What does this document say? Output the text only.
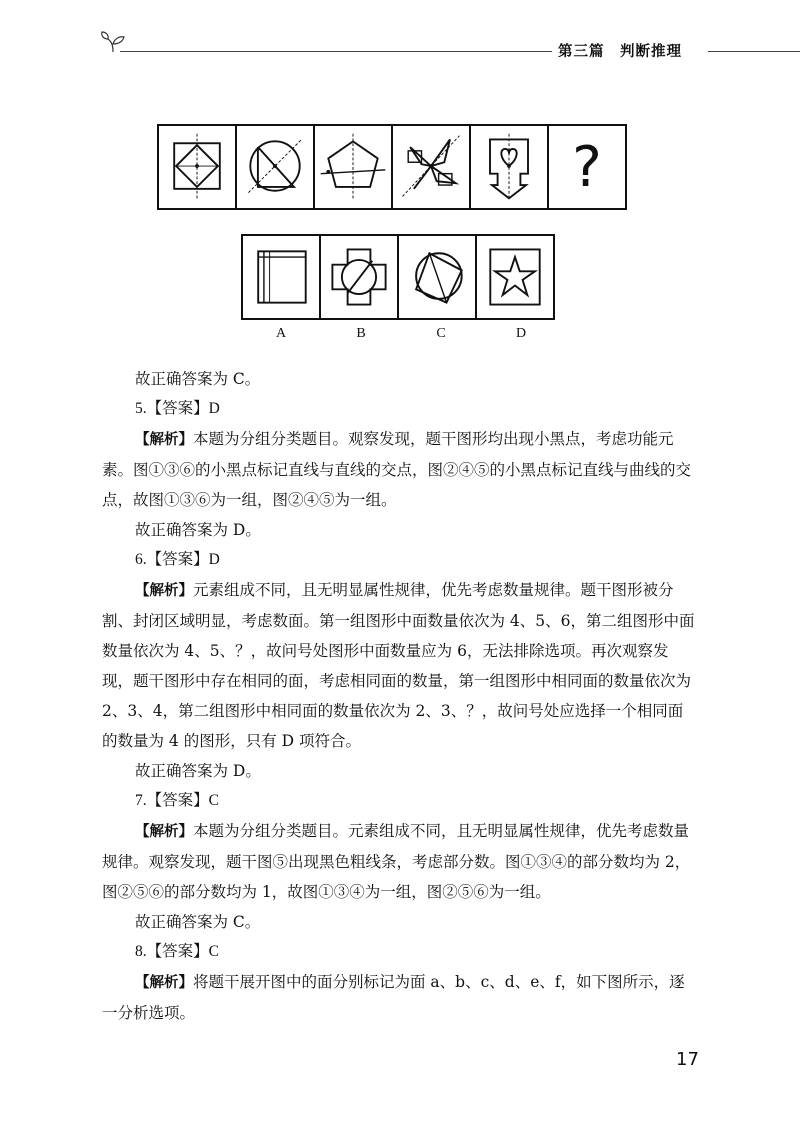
第三篇　判断推理
?
A	B	C	D

故正确答案为 C。

5.【答案】D

【解析】本题为分组分类题目。观察发现，题干图形均出现小黑点，考虑功能元素。图①③⑥的小黑点标记直线与直线的交点，图②④⑤的小黑点标记直线与曲线的交点，故图①③⑥为一组，图②④⑤为一组。

故正确答案为 D。

6.【答案】D

【解析】元素组成不同，且无明显属性规律，优先考虑数量规律。题干图形被分割、封闭区域明显，考虑数面。第一组图形中面数量依次为 4、5、6，第二组图形中面数量依次为 4、5、？，故问号处图形中面数量应为 6，无法排除选项。再次观察发现，题干图形中存在相同的面，考虑相同面的数量，第一组图形中相同面的数量依次为 2、3、4，第二组图形中相同面的数量依次为 2、3、？，故问号处应选择一个相同面的数量为 4 的图形，只有 D 项符合。

故正确答案为 D。

7.【答案】C

【解析】本题为分组分类题目。元素组成不同，且无明显属性规律，优先考虑数量规律。观察发现，题干图⑤出现黑色粗线条，考虑部分数。图①③④的部分数均为 2，图②⑤⑥的部分数均为 1，故图①③④为一组，图②⑤⑥为一组。

故正确答案为 C。

8.【答案】C

【解析】将题干展开图中的面分别标记为面 a、b、c、d、e、f，如下图所示，逐一分析选项。

17
